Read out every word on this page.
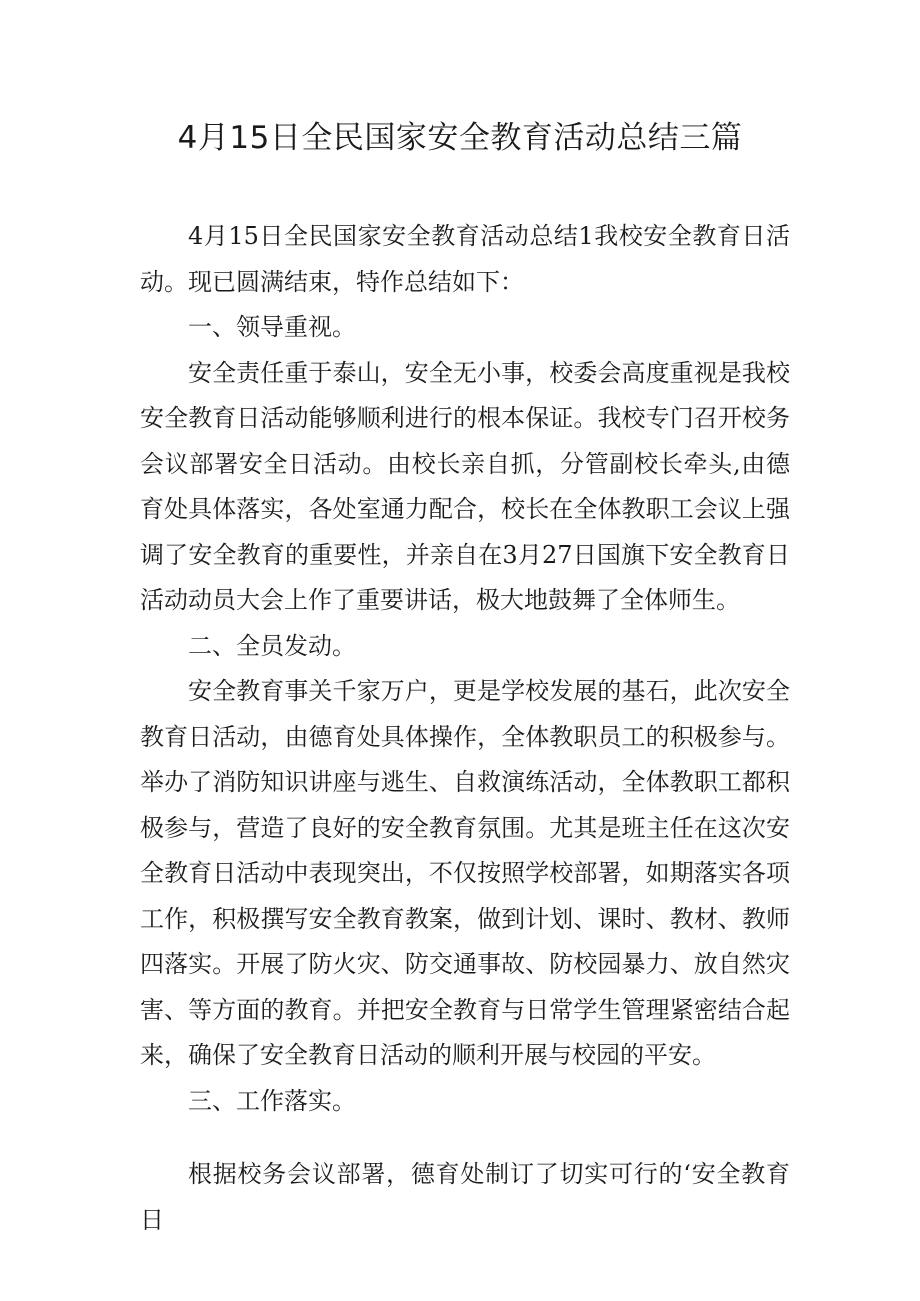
4月15日全民国家安全教育活动总结三篇

4月15日全民国家安全教育活动总结1我校安全教育日活动。现已圆满结束，特作总结如下：

一、领导重视。

安全责任重于泰山，安全无小事，校委会高度重视是我校安全教育日活动能够顺利进行的根本保证。我校专门召开校务会议部署安全日活动。由校长亲自抓，分管副校长牵头,由德育处具体落实，各处室通力配合，校长在全体教职工会议上强调了安全教育的重要性，并亲自在3月27日国旗下安全教育日活动动员大会上作了重要讲话，极大地鼓舞了全体师生。

二、全员发动。

安全教育事关千家万户，更是学校发展的基石，此次安全教育日活动，由德育处具体操作，全体教职员工的积极参与。举办了消防知识讲座与逃生、自救演练活动，全体教职工都积极参与，营造了良好的安全教育氛围。尤其是班主任在这次安全教育日活动中表现突出，不仅按照学校部署，如期落实各项工作，积极撰写安全教育教案，做到计划、课时、教材、教师四落实。开展了防火灾、防交通事故、防校园暴力、放自然灾害、等方面的教育。并把安全教育与日常学生管理紧密结合起来，确保了安全教育日活动的顺利开展与校园的平安。

三、工作落实。

根据校务会议部署，德育处制订了切实可行的‘安全教育日
